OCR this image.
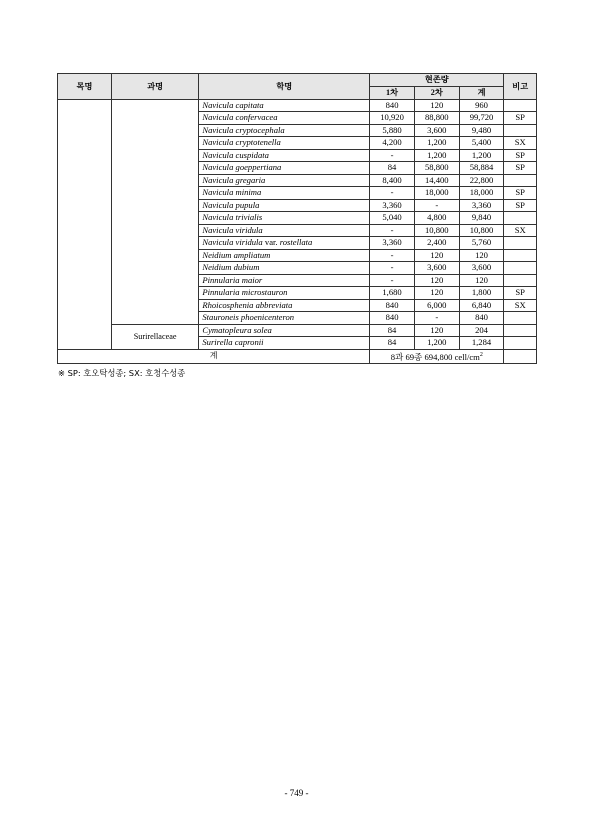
목명	과명	학명	현존량			비고
			1차	2차	계	
		Navicula capitata	840	120	960	
		Navicula confervacea	10,920	88,800	99,720	SP
		Navicula cryptocephala	5,880	3,600	9,480	
		Navicula cryptotenella	4,200	1,200	5,400	SX
		Navicula cuspidata	-	1,200	1,200	SP
		Navicula goeppertiana	84	58,800	58,884	SP
		Navicula gregaria	8,400	14,400	22,800	
		Navicula minima	-	18,000	18,000	SP
		Navicula pupula	3,360	-	3,360	SP
		Navicula trivialis	5,040	4,800	9,840	
		Navicula viridula	-	10,800	10,800	SX
		Navicula viridula var. rostellata	3,360	2,400	5,760	
		Neidium ampliatum	-	120	120	
		Neidium dubium	-	3,600	3,600	
		Pinnularia maior	-	120	120	
		Pinnularia microstauron	1,680	120	1,800	SP
		Rhoicosphenia abbreviata	840	6,000	6,840	SX
		Stauroneis phoenicenteron	840	-	840	
	Surirellaceae	Cymatopleura solea	84	120	204	
		Surirella capronii	84	1,200	1,284	
계			8과 69종 694,800 cell/$cm^2$	
※ SP: 호오탁성종; SX: 호청수성종
- 749 -
